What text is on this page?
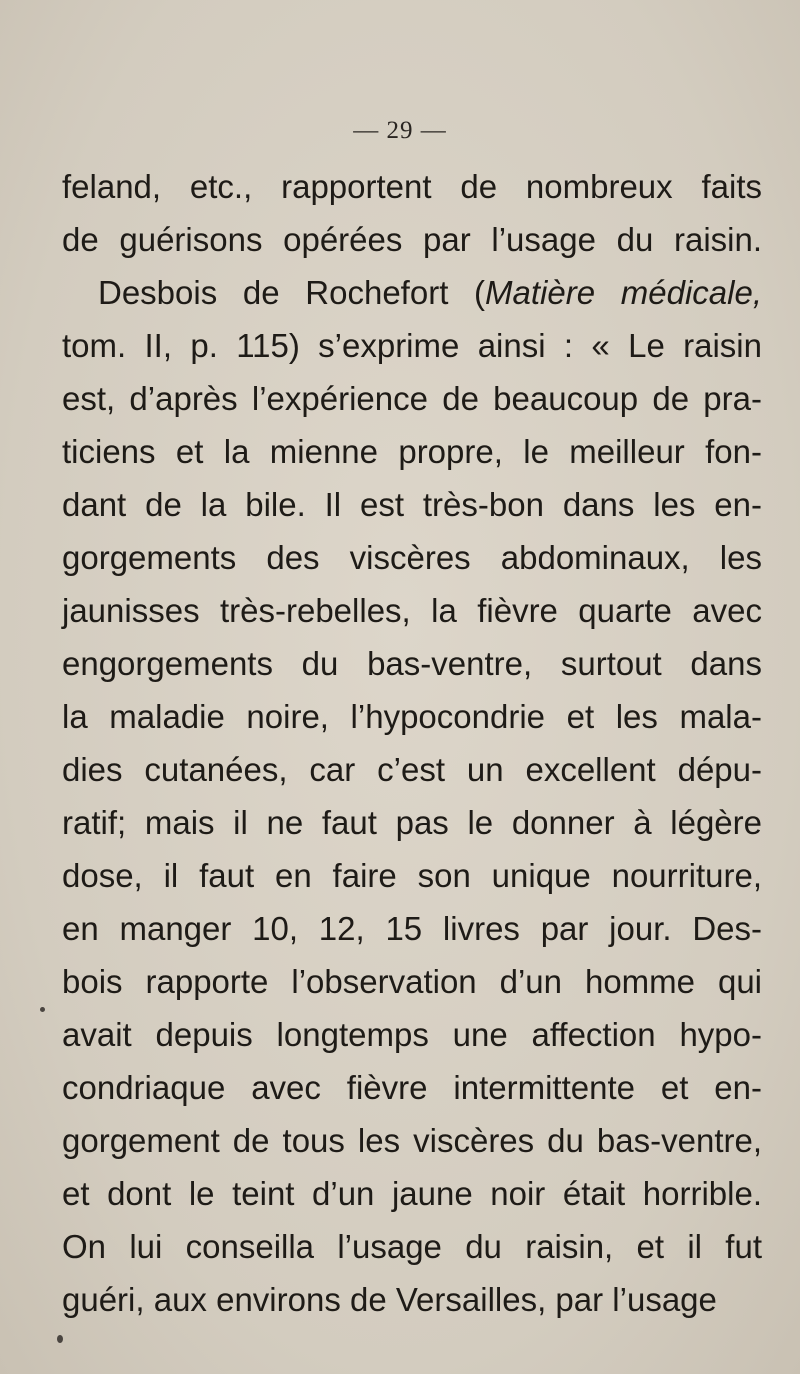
— 29 —
feland, etc., rapportent de nombreux faits
de guérisons opérées par l’usage du raisin.
Desbois de Rochefort (Matière médicale,
tom. II, p. 115) s’exprime ainsi : « Le raisin
est, d’après l’expérience de beaucoup de pra-
ticiens et la mienne propre, le meilleur fon-
dant de la bile. Il est très-bon dans les en-
gorgements des viscères abdominaux, les
jaunisses très-rebelles, la fièvre quarte avec
engorgements du bas-ventre, surtout dans
la maladie noire, l’hypocondrie et les mala-
dies cutanées, car c’est un excellent dépu-
ratif; mais il ne faut pas le donner à légère
dose, il faut en faire son unique nourriture,
en manger 10, 12, 15 livres par jour. Des-
bois rapporte l’observation d’un homme qui
avait depuis longtemps une affection hypo-
condriaque avec fièvre intermittente et en-
gorgement de tous les viscères du bas-ventre,
et dont le teint d’un jaune noir était horrible.
On lui conseilla l’usage du raisin, et il fut
guéri, aux environs de Versailles, par l’usage
